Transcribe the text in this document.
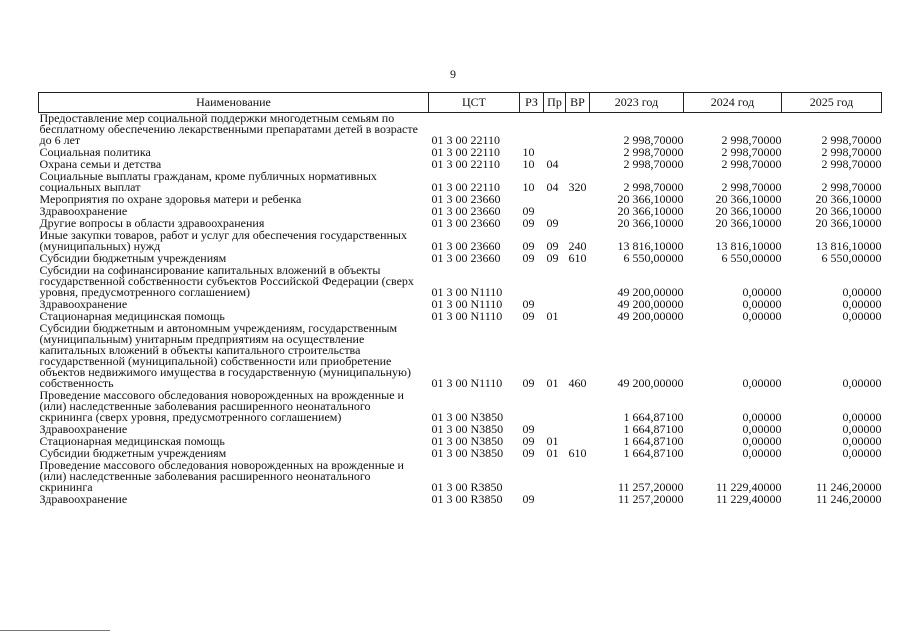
9
Наименование	ЦСТ	РЗ	Пр	ВР	2023 год	2024 год	2025 год
Предоставление мер социальной поддержки многодетным семьям по бесплатному обеспечению лекарственными препаратами детей в возрасте до 6 лет	01 3 00 22110				2 998,70000	2 998,70000	2 998,70000
Социальная политика	01 3 00 22110	10			2 998,70000	2 998,70000	2 998,70000
Охрана семьи и детства	01 3 00 22110	10	04		2 998,70000	2 998,70000	2 998,70000
Социальные выплаты гражданам, кроме публичных нормативных социальных выплат	01 3 00 22110	10	04	320	2 998,70000	2 998,70000	2 998,70000
Мероприятия по охране здоровья матери и ребенка	01 3 00 23660				20 366,10000	20 366,10000	20 366,10000
Здравоохранение	01 3 00 23660	09			20 366,10000	20 366,10000	20 366,10000
Другие вопросы в области здравоохранения	01 3 00 23660	09	09		20 366,10000	20 366,10000	20 366,10000
Иные закупки товаров, работ и услуг для обеспечения государственных (муниципальных) нужд	01 3 00 23660	09	09	240	13 816,10000	13 816,10000	13 816,10000
Субсидии бюджетным учреждениям	01 3 00 23660	09	09	610	6 550,00000	6 550,00000	6 550,00000
Субсидии на софинансирование капитальных вложений в объекты государственной собственности субъектов Российской Федерации (сверх уровня, предусмотренного соглашением)	01 3 00 N1110				49 200,00000	0,00000	0,00000
Здравоохранение	01 3 00 N1110	09			49 200,00000	0,00000	0,00000
Стационарная медицинская помощь	01 3 00 N1110	09	01		49 200,00000	0,00000	0,00000
Субсидии бюджетным и автономным учреждениям, государственным (муниципальным) унитарным предприятиям на осуществление капитальных вложений в объекты капитального строительства государственной (муниципальной) собственности или приобретение объектов недвижимого имущества в государственную (муниципальную) собственность	01 3 00 N1110	09	01	460	49 200,00000	0,00000	0,00000
Проведение массового обследования новорожденных на врожденные и (или) наследственные заболевания расширенного неонатального скрининга (сверх уровня, предусмотренного соглашением)	01 3 00 N3850				1 664,87100	0,00000	0,00000
Здравоохранение	01 3 00 N3850	09			1 664,87100	0,00000	0,00000
Стационарная медицинская помощь	01 3 00 N3850	09	01		1 664,87100	0,00000	0,00000
Субсидии бюджетным учреждениям	01 3 00 N3850	09	01	610	1 664,87100	0,00000	0,00000
Проведение массового обследования новорожденных на врожденные и (или) наследственные заболевания расширенного неонатального скрининга	01 3 00 R3850				11 257,20000	11 229,40000	11 246,20000
Здравоохранение	01 3 00 R3850	09			11 257,20000	11 229,40000	11 246,20000
